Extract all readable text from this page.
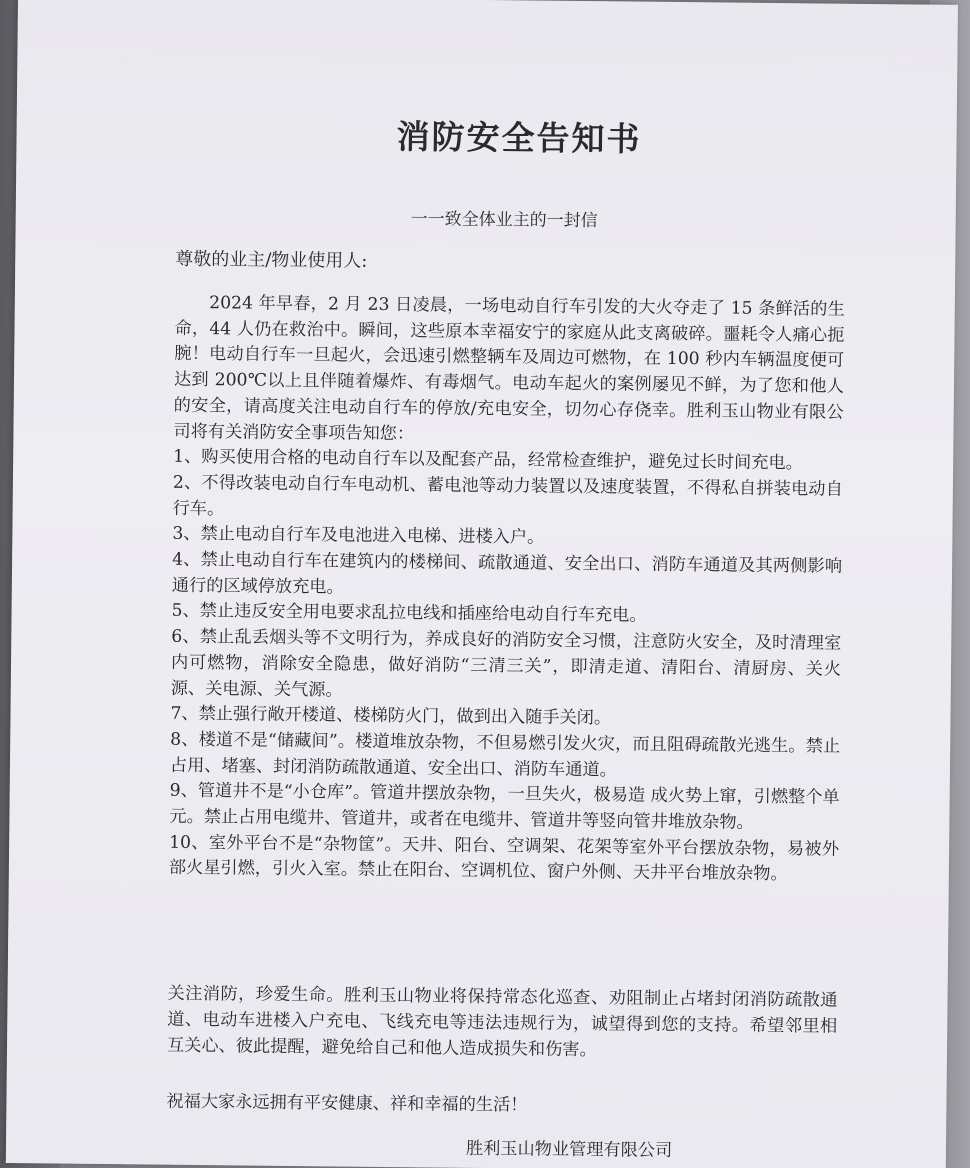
消防安全告知书
一一致全体业主的一封信
尊敬的业主/物业使用人:

2024 年早春，2 月 23 日凌晨，一场电动自行车引发的大火夺走了 15 条鲜活的生命，44 人仍在救治中。瞬间，这些原本幸福安宁的家庭从此支离破碎。噩耗令人痛心扼腕！电动自行车一旦起火，会迅速引燃整辆车及周边可燃物，在 100 秒内车辆温度便可达到 200℃以上且伴随着爆炸、有毒烟气。电动车起火的案例屡见不鲜，为了您和他人的安全，请高度关注电动自行车的停放/充电安全，切勿心存侥幸。胜利玉山物业有限公司将有关消防安全事项告知您：

1、购买使用合格的电动自行车以及配套产品，经常检查维护，避免过长时间充电。

2、不得改装电动自行车电动机、蓄电池等动力装置以及速度装置，不得私自拼装电动自行车。

3、禁止电动自行车及电池进入电梯、进楼入户。

4、禁止电动自行车在建筑内的楼梯间、疏散通道、安全出口、消防车通道及其两侧影响通行的区域停放充电。

5、禁止违反安全用电要求乱拉电线和插座给电动自行车充电。

6、禁止乱丢烟头等不文明行为，养成良好的消防安全习惯，注意防火安全，及时清理室内可燃物，消除安全隐患，做好消防“三清三关”，即清走道、清阳台、清厨房、关火源、关电源、关气源。

7、禁止强行敞开楼道、楼梯防火门，做到出入随手关闭。

8、楼道不是“储藏间”。楼道堆放杂物，不但易燃引发火灾，而且阻碍疏散光逃生。禁止占用、堵塞、封闭消防疏散通道、安全出口、消防车通道。

9、管道井不是“小仓库”。管道井摆放杂物，一旦失火，极易造 成火势上窜，引燃整个单元。禁止占用电缆井、管道井，或者在电缆井、管道井等竖向管井堆放杂物。

10、室外平台不是“杂物筐”。天井、阳台、空调架、花架等室外平台摆放杂物，易被外部火星引燃，引火入室。禁止在阳台、空调机位、窗户外侧、天井平台堆放杂物。

关注消防，珍爱生命。胜利玉山物业将保持常态化巡查、劝阻制止占堵封闭消防疏散通道、电动车进楼入户充电、飞线充电等违法违规行为，诚望得到您的支持。希望邻里相互关心、彼此提醒，避免给自己和他人造成损失和伤害。
祝福大家永远拥有平安健康、祥和幸福的生活！
胜利玉山物业管理有限公司
